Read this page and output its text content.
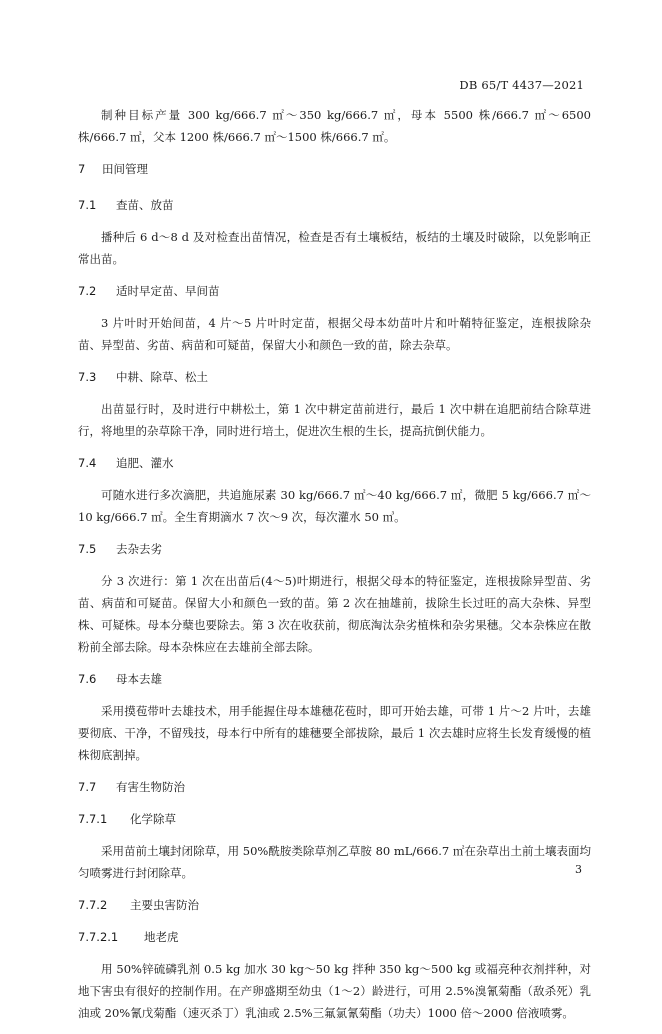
DB 65/T 4437—2021

制种目标产量 300 kg/666.7 ㎡～350 kg/666.7 ㎡，母本 5500 株/666.7 ㎡～6500 株/666.7 ㎡，父本 1200 株/666.7 ㎡～1500 株/666.7 ㎡。

7 田间管理
7.1 查苗、放苗

播种后 6 d～8 d 及对检查出苗情况，检查是否有土壤板结，板结的土壤及时破除，以免影响正常出苗。

7.2 适时早定苗、早间苗

3 片叶时开始间苗，4 片～5 片叶时定苗，根据父母本幼苗叶片和叶鞘特征鉴定，连根拔除杂苗、异型苗、劣苗、病苗和可疑苗，保留大小和颜色一致的苗，除去杂草。

7.3 中耕、除草、松土

出苗显行时，及时进行中耕松土，第 1 次中耕定苗前进行，最后 1 次中耕在追肥前结合除草进行，将地里的杂草除干净，同时进行培土，促进次生根的生长，提高抗倒伏能力。

7.4 追肥、灌水

可随水进行多次滴肥，共追施尿素 30 kg/666.7 ㎡～40 kg/666.7 ㎡，微肥 5 kg/666.7 ㎡～10 kg/666.7 ㎡。全生育期滴水 7 次～9 次，每次灌水 50 ㎥。

7.5 去杂去劣

分 3 次进行：第 1 次在出苗后(4～5)叶期进行，根据父母本的特征鉴定，连根拔除异型苗、劣苗、病苗和可疑苗。保留大小和颜色一致的苗。第 2 次在抽雄前，拔除生长过旺的高大杂株、异型株、可疑株。母本分蘖也要除去。第 3 次在收获前，彻底淘汰杂劣植株和杂劣果穗。父本杂株应在散粉前全部去除。母本杂株应在去雄前全部去除。

7.6 母本去雄

采用摸苞带叶去雄技术，用手能握住母本雄穗花苞时，即可开始去雄，可带 1 片～2 片叶，去雄要彻底、干净，不留残技，母本行中所有的雄穗要全部拔除，最后 1 次去雄时应将生长发育缓慢的植株彻底割掉。

7.7 有害生物防治
7.7.1 化学除草

采用苗前土壤封闭除草，用 50%酰胺类除草剂乙草胺 80 mL/666.7 ㎡在杂草出土前土壤表面均匀喷雾进行封闭除草。

7.7.2 主要虫害防治
7.7.2.1 地老虎

用 50%锌硫磷乳剂 0.5 kg 加水 30 kg～50 kg 拌种 350 kg～500 kg 或福亮种衣剂拌种，对地下害虫有很好的控制作用。在产卵盛期至幼虫（1～2）龄进行，可用 2.5%溴氰菊酯（敌杀死）乳油或 20%氰戊菊酯（速灭杀丁）乳油或 2.5%三氟氯氰菊酯（功夫）1000 倍～2000 倍液喷雾。

3
